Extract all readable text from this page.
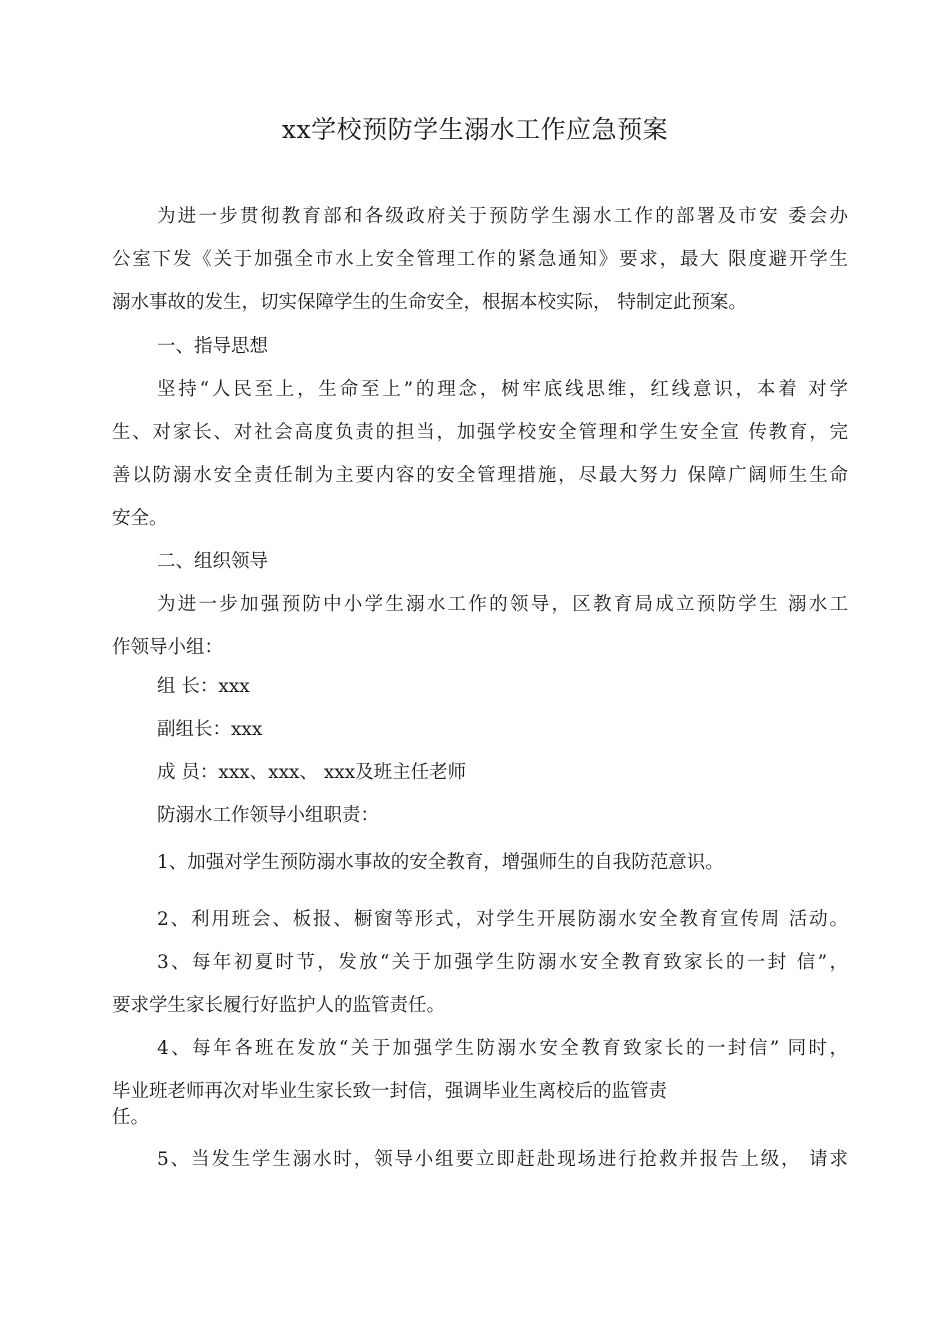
xx学校预防学生溺水工作应急预案
为进一步贯彻教育部和各级政府关于预防学生溺水工作的部署及市安 委会办
公室下发《关于加强全市水上安全管理工作的紧急通知》要求，最大 限度避开学生
溺水事故的发生，切实保障学生的生命安全，根据本校实际， 特制定此预案。
一、指导思想
坚持“人民至上，生命至上”的理念，树牢底线思维，红线意识，本着 对学
生、对家长、对社会高度负责的担当，加强学校安全管理和学生安全宣 传教育，完
善以防溺水安全责任制为主要内容的安全管理措施，尽最大努力 保障广阔师生生命
安全。
二、组织领导
为进一步加强预防中小学生溺水工作的领导，区教育局成立预防学生 溺水工
作领导小组：
组 长：xxx
副组长：xxx
成 员：xxx、xxx、 xxx及班主任老师
防溺水工作领导小组职责：
1、加强对学生预防溺水事故的安全教育，增强师生的自我防范意识。
2、利用班会、板报、橱窗等形式，对学生开展防溺水安全教育宣传周 活动。
3、每年初夏时节，发放“关于加强学生防溺水安全教育致家长的一封 信”，
要求学生家长履行好监护人的监管责任。
4、每年各班在发放“关于加强学生防溺水安全教育致家长的一封信” 同时，
毕业班老师再次对毕业生家长致一封信，强调毕业生离校后的监管责
任。
5、当发生学生溺水时，领导小组要立即赶赴现场进行抢救并报告上级， 请求
